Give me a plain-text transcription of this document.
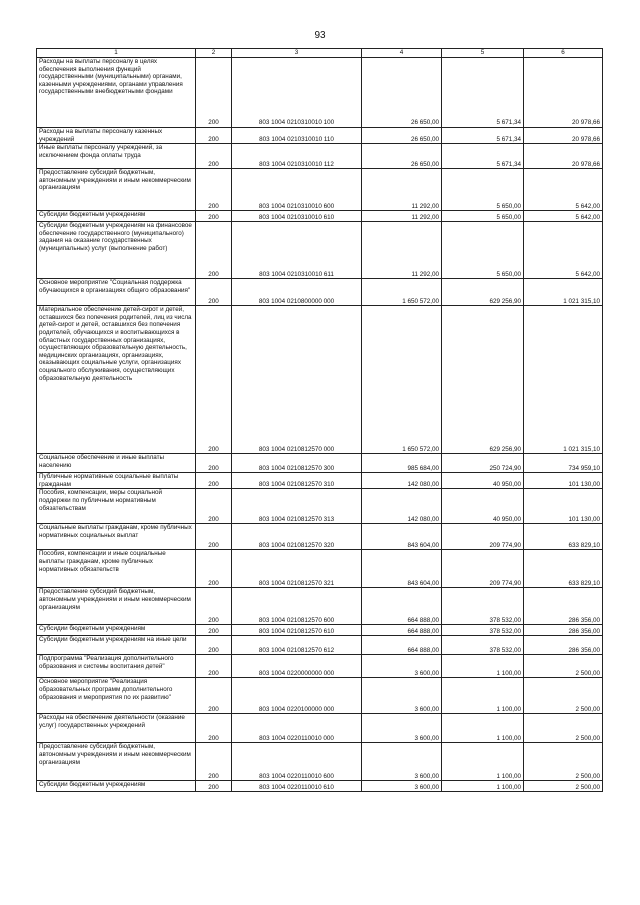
93
1	2	3	4	5	6
Расходы на выплаты персоналу в целях обеспечения выполнения функций государственными (муниципальными) органами, казенными учреждениями, органами управления государственными внебюджетными фондами	200	803 1004 0210310010 100	26 650,00	5 671,34	20 978,66
Расходы на выплаты персоналу казенных учреждений	200	803 1004 0210310010 110	26 650,00	5 671,34	20 978,66
Иные выплаты персоналу учреждений, за исключением фонда оплаты труда	200	803 1004 0210310010 112	26 650,00	5 671,34	20 978,66
Предоставление субсидий бюджетным, автономным учреждениям и иным некоммерческим организациям	200	803 1004 0210310010 600	11 292,00	5 650,00	5 642,00
Субсидии бюджетным учреждениям	200	803 1004 0210310010 610	11 292,00	5 650,00	5 642,00
Субсидии бюджетным учреждениям на финансовое обеспечение государственного (муниципального) задания на оказание государственных (муниципальных) услуг (выполнение работ)	200	803 1004 0210310010 611	11 292,00	5 650,00	5 642,00
Основное мероприятие "Социальная поддержка обучающихся в организациях общего образования"	200	803 1004 0210800000 000	1 650 572,00	629 256,90	1 021 315,10
Материальное обеспечение детей-сирот и детей, оставшихся без попечения родителей, лиц из числа детей-сирот и детей, оставшихся без попечения родителей, обучающихся и воспитывающихся в областных государственных организациях, осуществляющих образовательную деятельность, медицинских организациях, организациях, оказывающих социальные услуги, организациях социального обслуживания, осуществляющих образовательную деятельность	200	803 1004 0210812570 000	1 650 572,00	629 256,90	1 021 315,10
Социальное обеспечение и иные выплаты населению	200	803 1004 0210812570 300	985 684,00	250 724,90	734 959,10
Публичные нормативные социальные выплаты гражданам	200	803 1004 0210812570 310	142 080,00	40 950,00	101 130,00
Пособия, компенсации, меры социальной поддержки по публичным нормативным обязательствам	200	803 1004 0210812570 313	142 080,00	40 950,00	101 130,00
Социальные выплаты гражданам, кроме публичных нормативных социальных выплат	200	803 1004 0210812570 320	843 604,00	209 774,90	633 829,10
Пособия, компенсации и иные социальные выплаты гражданам, кроме публичных нормативных обязательств	200	803 1004 0210812570 321	843 604,00	209 774,90	633 829,10
Предоставление субсидий бюджетным, автономным учреждениям и иным некоммерческим организациям	200	803 1004 0210812570 600	664 888,00	378 532,00	286 356,00
Субсидии бюджетным учреждениям	200	803 1004 0210812570 610	664 888,00	378 532,00	286 356,00
Субсидии бюджетным учреждениям на иные цели	200	803 1004 0210812570 612	664 888,00	378 532,00	286 356,00
Подпрограмма "Реализация дополнительного образования и системы воспитания детей"	200	803 1004 0220000000 000	3 600,00	1 100,00	2 500,00
Основное мероприятие "Реализация образовательных программ дополнительного образования и мероприятия по их развитию"	200	803 1004 0220100000 000	3 600,00	1 100,00	2 500,00
Расходы на обеспечение деятельности (оказание услуг) государственных учреждений	200	803 1004 0220110010 000	3 600,00	1 100,00	2 500,00
Предоставление субсидий бюджетным, автономным учреждениям и иным некоммерческим организациям	200	803 1004 0220110010 600	3 600,00	1 100,00	2 500,00
Субсидии бюджетным учреждениям	200	803 1004 0220110010 610	3 600,00	1 100,00	2 500,00
